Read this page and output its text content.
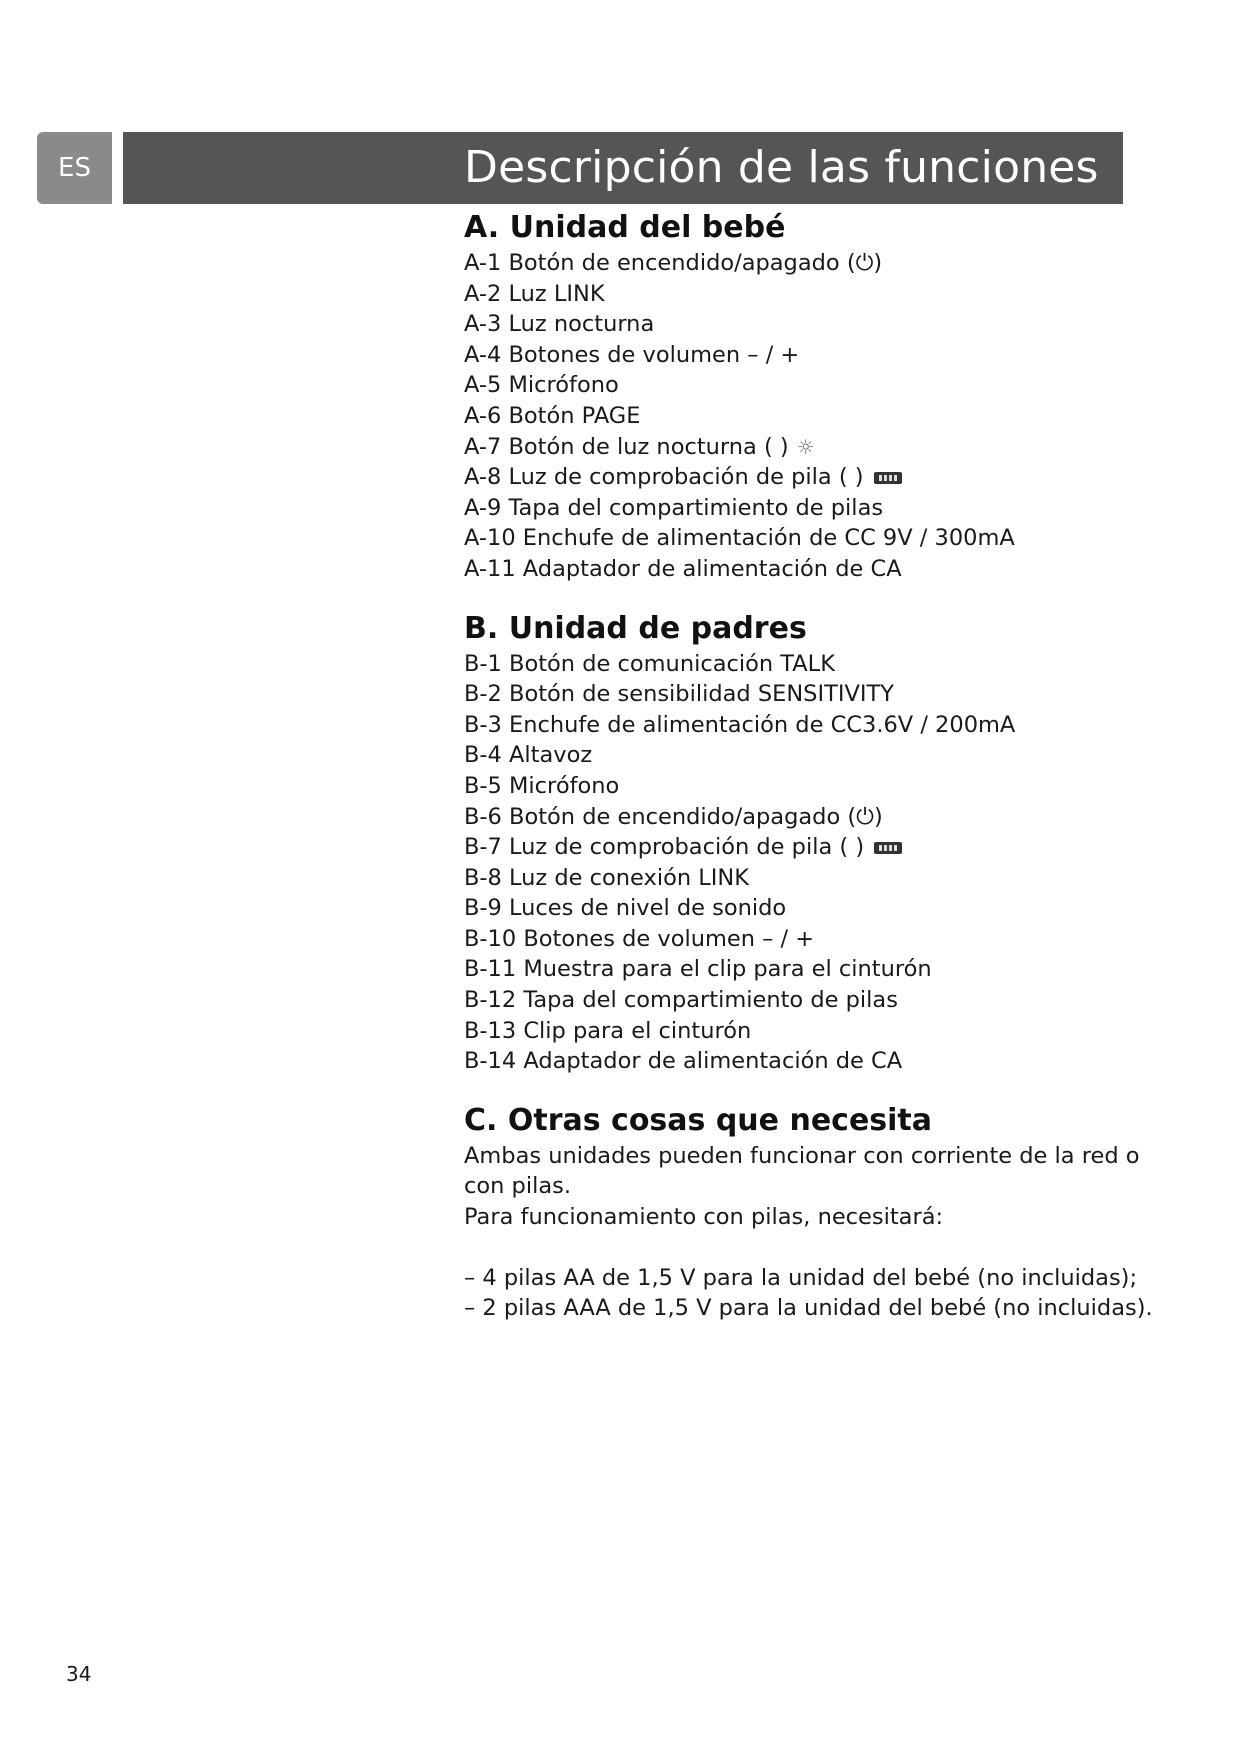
ES	Descripción de las funciones
A. Unidad del bebé
A-1 Botón de encendido/apagado (⏻)
A-2 Luz LINK
A-3 Luz nocturna
A-4 Botones de volumen – / +
A-5 Micrófono
A-6 Botón PAGE
A-7 Botón de luz nocturna ( ) ☼
A-8 Luz de comprobación de pila ( )
A-9 Tapa del compartimiento de pilas
A-10 Enchufe de alimentación de CC 9V / 300mA
A-11 Adaptador de alimentación de CA
B. Unidad de padres
B-1 Botón de comunicación TALK
B-2 Botón de sensibilidad SENSITIVITY
B-3 Enchufe de alimentación de CC3.6V / 200mA
B-4 Altavoz
B-5 Micrófono
B-6 Botón de encendido/apagado (⏻)
B-7 Luz de comprobación de pila ( )
B-8 Luz de conexión LINK
B-9 Luces de nivel de sonido
B-10 Botones de volumen – / +
B-11 Muestra para el clip para el cinturón
B-12 Tapa del compartimiento de pilas
B-13 Clip para el cinturón
B-14 Adaptador de alimentación de CA
C. Otras cosas que necesita

Ambas unidades pueden funcionar con corriente de la red o

con pilas.

Para funcionamiento con pilas, necesitará:

– 4 pilas AA de 1,5 V para la unidad del bebé (no incluidas);

– 2 pilas AAA de 1,5 V para la unidad del bebé (no incluidas).

34
